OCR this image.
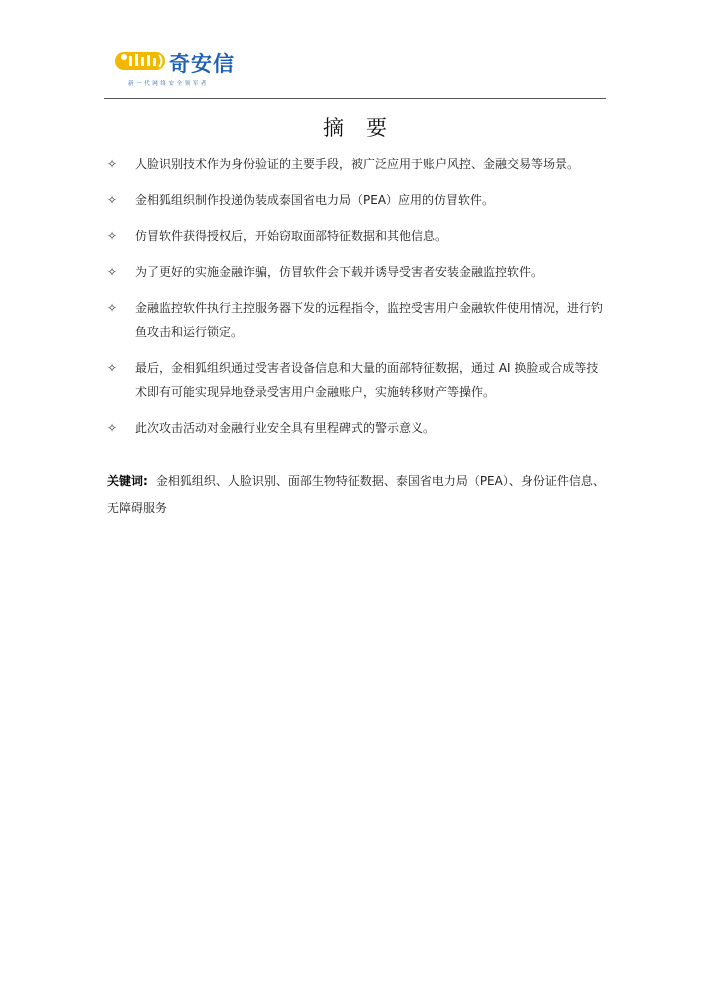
奇安信
新一代网络安全领军者
摘要
✧ 人脸识别技术作为身份验证的主要手段，被广泛应用于账户风控、金融交易等场景。
✧ 金相狐组织制作投递伪装成泰国省电力局（PEA）应用的仿冒软件。
✧ 仿冒软件获得授权后，开始窃取面部特征数据和其他信息。
✧ 为了更好的实施金融诈骗，仿冒软件会下载并诱导受害者安装金融监控软件。
✧ 金融监控软件执行主控服务器下发的远程指令，监控受害用户金融软件使用情况，进行钓鱼攻击和运行锁定。
✧ 最后，金相狐组织通过受害者设备信息和大量的面部特征数据，通过 AI 换脸或合成等技术即有可能实现异地登录受害用户金融账户，实施转移财产等操作。
✧ 此次攻击活动对金融行业安全具有里程碑式的警示意义。
关键词: 金相狐组织、人脸识别、面部生物特征数据、泰国省电力局（PEA）、身份证件信息、无障碍服务
